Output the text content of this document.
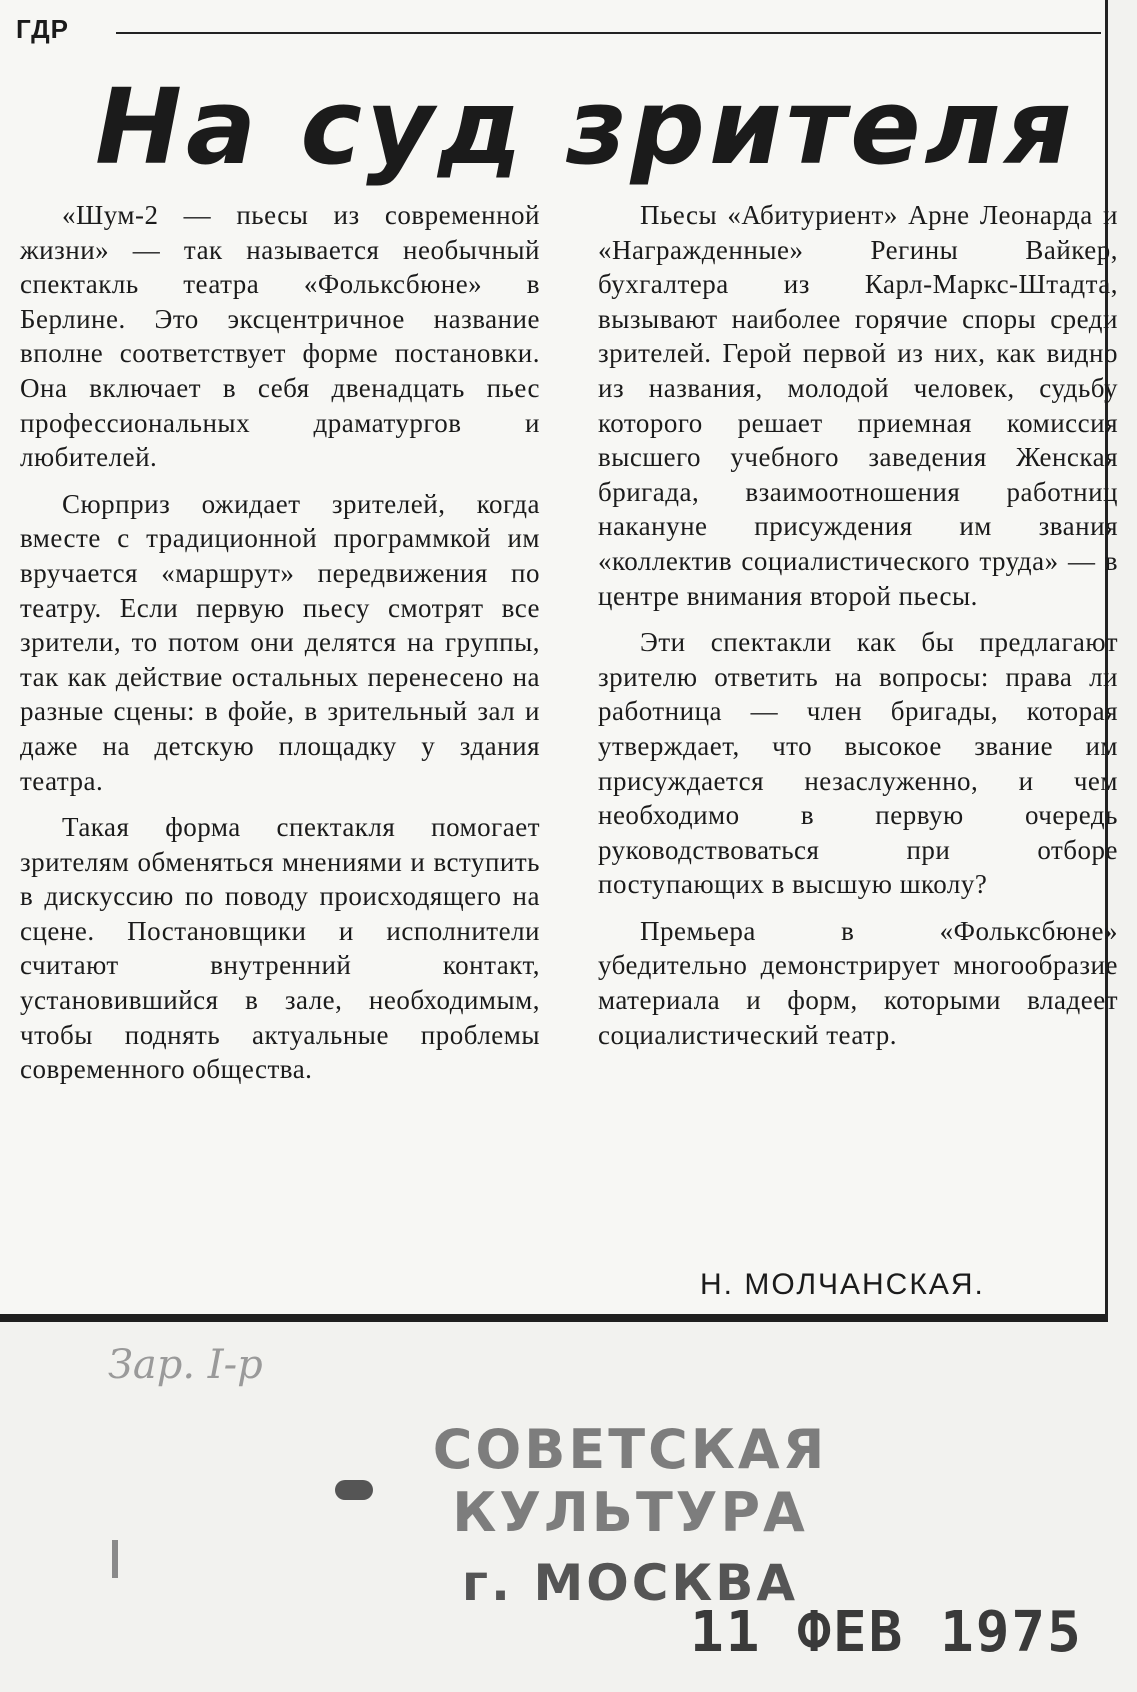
ГДР
На суд зрителя

«Шум-2 — пьесы из современной жизни» — так называется необычный спектакль театра «Фольксбюне» в Берлине. Это эксцентричное название вполне соответствует форме постановки. Она включает в себя двенадцать пьес профессиональных драматургов и любителей.

Сюрприз ожидает зрителей, когда вместе с традиционной программкой им вручается «маршрут» передвижения по театру. Если первую пьесу смотрят все зрители, то потом они делятся на группы, так как действие остальных перенесено на разные сцены: в фойе, в зрительный зал и даже на детскую площадку у здания театра.

Такая форма спектакля помогает зрителям обменяться мнениями и вступить в дискуссию по поводу происходящего на сцене. Постановщики и исполнители считают внутренний контакт, установившийся в зале, необходимым, чтобы поднять актуальные проблемы современного общества.

Пьесы «Абитуриент» Арне Леонарда и «Награжденные» Регины Вайкер, бухгалтера из Карл-Маркс-Штадта, вызывают наиболее горячие споры среди зрителей. Герой первой из них, как видно из названия, молодой человек, судьбу которого решает приемная комиссия высшего учебного заведения Женская бригада, взаимоотношения работниц накануне присуждения им звания «коллектив социалистического труда» — в центре внимания второй пьесы.

Эти спектакли как бы предлагают зрителю ответить на вопросы: права ли работница — член бригады, которая утверждает, что высокое звание им присуждается незаслуженно, и чем необходимо в первую очередь руководствоваться при отборе поступающих в высшую школу?

Премьера в «Фольксбюне» убедительно демонстрирует многообразие материала и форм, которыми владеет социалистический театр.

Н. МОЛЧАНСКАЯ.
Зар. I-р
СОВЕТСКАЯ КУЛЬТУРА
г. МОСКВА
11 ФЕВ 1975
